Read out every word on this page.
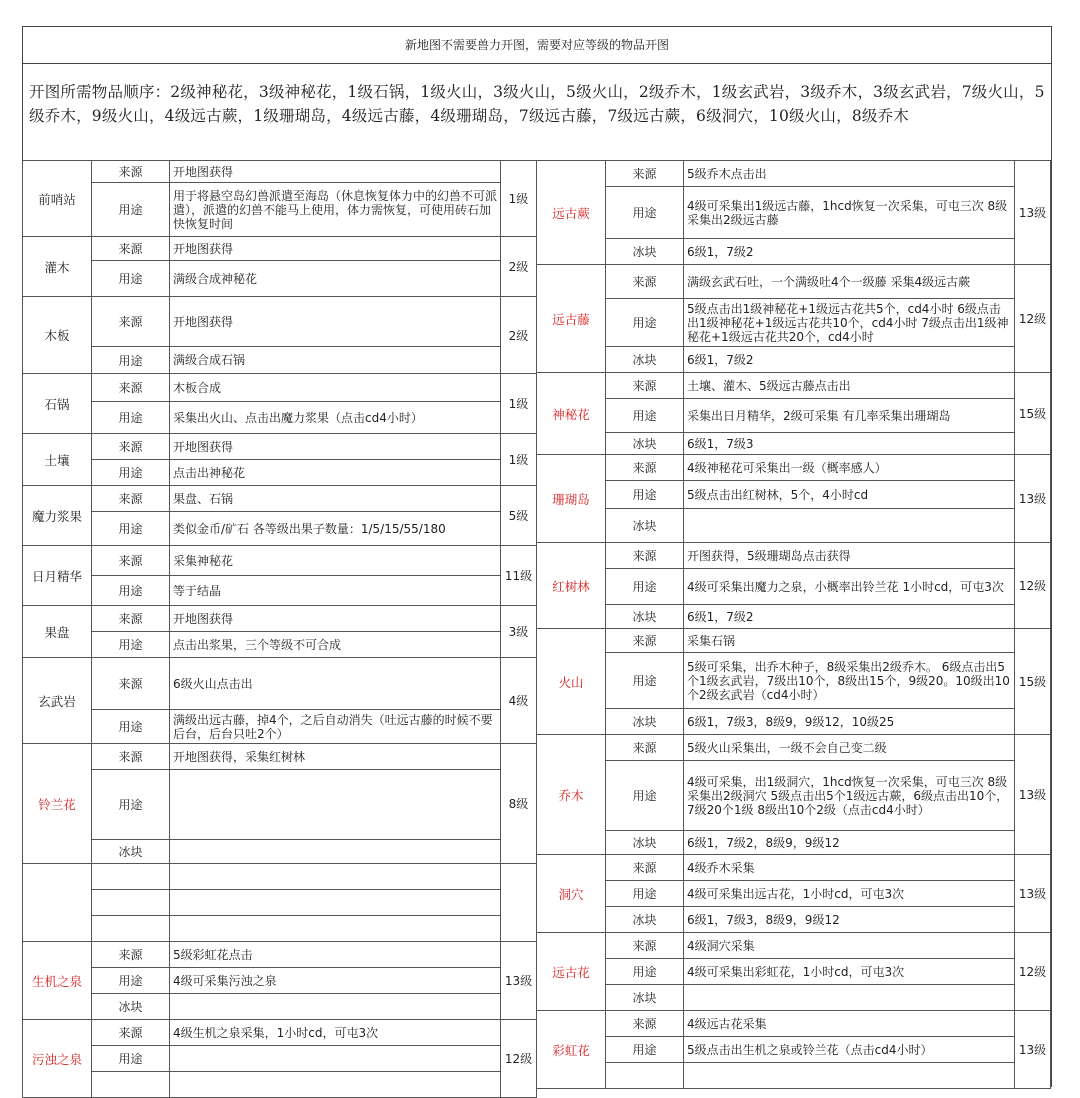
新地图不需要兽力开图，需要对应等级的物品开图
开图所需物品顺序：2级神秘花，3级神秘花，1级石锅，1级火山，3级火山，5级火山，2级乔木，1级玄武岩，3级乔木，3级玄武岩，7级火山，5级乔木，9级火山，4级远古蕨，1级珊瑚岛，4级远古藤，4级珊瑚岛，7级远古藤，7级远古蕨，6级洞穴，10级火山，8级乔木
前哨站	来源	开地图获得	1级
	用途	用于将悬空岛幻兽派遣至海岛（休息恢复体力中的幻兽不可派遣），派遣的幻兽不能马上使用，体力需恢复，可使用砖石加快恢复时间	
灌木	来源	开地图获得	2级
	用途	满级合成神秘花	
木板	来源	开地图获得	2级
	用途	满级合成石锅	
石锅	来源	木板合成	1级
	用途	采集出火山、点击出魔力浆果（点击cd4小时）	
土壤	来源	开地图获得	1级
	用途	点击出神秘花	
魔力浆果	来源	果盘、石锅	5级
	用途	类似金币/矿石 各等级出果子数量：1/5/15/55/180	
日月精华	来源	采集神秘花	11级
	用途	等于结晶	
果盘	来源	开地图获得	3级
	用途	点击出浆果，三个等级不可合成	
玄武岩	来源	6级火山点击出	4级
	用途	满级出远古藤，掉4个，之后自动消失（吐远古藤的时候不要后台，后台只吐2个）	
铃兰花	来源	开地图获得，采集红树林	8级
	用途		
	冰块		

生机之泉	来源	5级彩虹花点击	13级
	用途	4级可采集污浊之泉	
	冰块		
污浊之泉	来源	4级生机之泉采集，1小时cd，可屯3次	12级
	用途		

远古蕨	来源	5级乔木点击出	13级
	用途	4级可采集出1级远古藤，1hcd恢复一次采集，可屯三次 8级采集出2级远古藤	
	冰块	6级1，7级2	
远古藤	来源	满级玄武石吐，一个满级吐4个一级藤 采集4级远古蕨	12级
	用途	5级点击出1级神秘花+1级远古花共5个，cd4小时 6级点击出1级神秘花+1级远古花共10个，cd4小时 7级点击出1级神秘花+1级远古花共20个，cd4小时	
	冰块	6级1，7级2	
神秘花	来源	土壤、灌木、5级远古藤点击出	15级
	用途	采集出日月精华，2级可采集 有几率采集出珊瑚岛	
	冰块	6级1，7级3	
珊瑚岛	来源	4级神秘花可采集出一级（概率感人）	13级
	用途	5级点击出红树林，5个，4小时cd	
	冰块		
红树林	来源	开图获得，5级珊瑚岛点击获得	12级
	用途	4级可采集出魔力之泉，小概率出铃兰花 1小时cd，可屯3次	
	冰块	6级1，7级2	
火山	来源	采集石锅	15级
	用途	5级可采集，出乔木种子，8级采集出2级乔木。 6级点击出5个1级玄武岩，7级出10个，8级出15个，9级20。10级出10个2级玄武岩（cd4小时）	
	冰块	6级1，7级3，8级9，9级12，10级25	
乔木	来源	5级火山采集出，一级不会自己变二级	13级
	用途	4级可采集，出1级洞穴，1hcd恢复一次采集，可屯三次 8级采集出2级洞穴 5级点击出5个1级远古蕨，6级点击出10个，7级20个1级 8级出10个2级（点击cd4小时）	
	冰块	6级1，7级2，8级9，9级12	
洞穴	来源	4级乔木采集	13级
	用途	4级可采集出远古花，1小时cd，可屯3次	
	冰块	6级1，7级3，8级9，9级12	
远古花	来源	4级洞穴采集	12级
	用途	4级可采集出彩虹花，1小时cd，可屯3次	
	冰块		
彩虹花	来源	4级远古花采集	13级
	用途	5级点击出生机之泉或铃兰花（点击cd4小时）	
